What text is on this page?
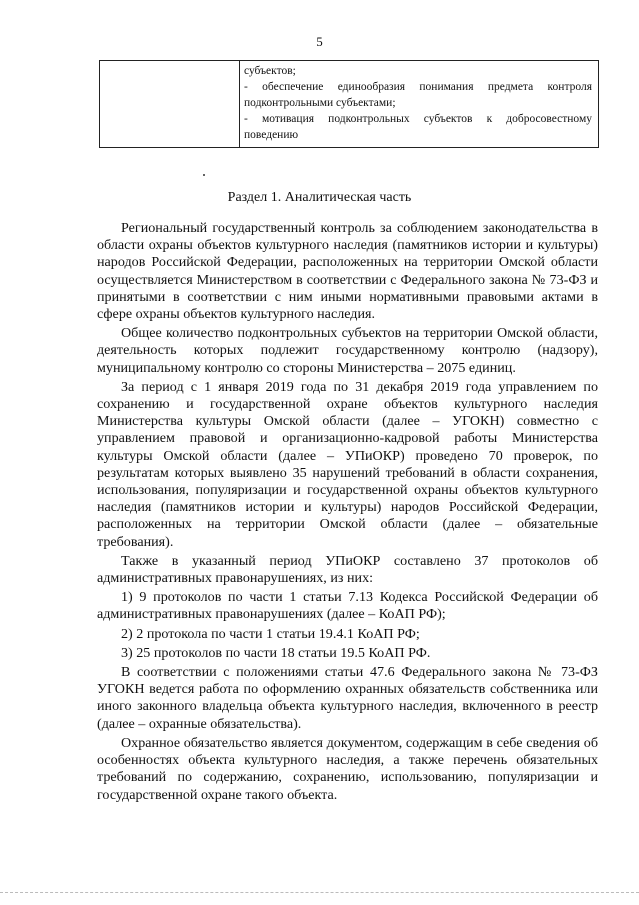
5

субъектов;
- обеспечение единообразия понимания предмета контроля подконтрольными субъектами;
- мотивация подконтрольных субъектов к добросовестному поведению
Раздел 1. Аналитическая часть

Региональный государственный контроль за соблюдением законодательства в области охраны объектов культурного наследия (памятников истории и культуры) народов Российской Федерации, расположенных на территории Омской области осуществляется Министерством в соответствии с Федерального закона № 73-ФЗ и принятыми в соответствии с ним иными нормативными правовыми актами в сфере охраны объектов культурного наследия.

Общее количество подконтрольных субъектов на территории Омской области, деятельность которых подлежит государственному контролю (надзору), муниципальному контролю со стороны Министерства – 2075 единиц.

За период с 1 января 2019 года по 31 декабря 2019 года управлением по сохранению и государственной охране объектов культурного наследия Министерства культуры Омской области (далее – УГОКН) совместно с управлением правовой и организационно-кадровой работы Министерства культуры Омской области (далее – УПиОКР) проведено 70 проверок, по результатам которых выявлено 35 нарушений требований в области сохранения, использования, популяризации и государственной охраны объектов культурного наследия (памятников истории и культуры) народов Российской Федерации, расположенных на территории Омской области (далее – обязательные требования).

Также в указанный период УПиОКР составлено 37 протоколов об административных правонарушениях, из них:

1) 9 протоколов по части 1 статьи 7.13 Кодекса Российской Федерации об административных правонарушениях (далее – КоАП РФ);

2) 2 протокола по части 1 статьи 19.4.1 КоАП РФ;

3) 25 протоколов по части 18 статьи 19.5 КоАП РФ.

В соответствии с положениями статьи 47.6 Федерального закона № 73-ФЗ УГОКН ведется работа по оформлению охранных обязательств собственника или иного законного владельца объекта культурного наследия, включенного в реестр (далее – охранные обязательства).

Охранное обязательство является документом, содержащим в себе сведения об особенностях объекта культурного наследия, а также перечень обязательных требований по содержанию, сохранению, использованию, популяризации и государственной охране такого объекта.
